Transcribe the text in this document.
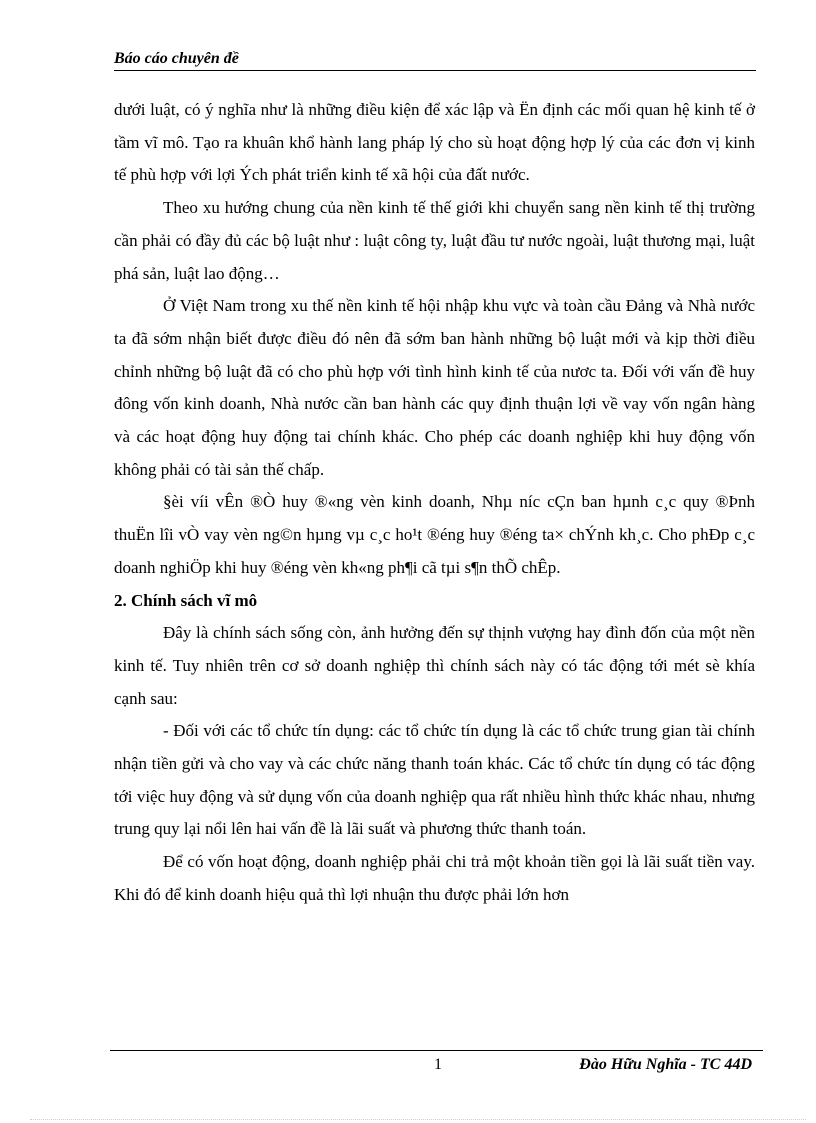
Báo cáo chuyên đề

dưới luật, có ý nghĩa như là những điều kiện để xác lập và Ën định các mối quan hệ kinh tế ở tầm vĩ mô. Tạo ra khuân khổ hành lang pháp lý cho sù hoạt động hợp lý của các đơn vị kinh tế phù hợp với lợi Ých phát triển kinh tế xã hội của đất nước.

Theo xu hướng chung của nền kinh tế thế giới khi chuyển sang nền kinh tế thị trường cần phải có đầy đủ các bộ luật như : luật công ty, luật đầu tư nước ngoài, luật thương mại, luật phá sản, luật lao động…

Ở Việt Nam trong xu thế nền kinh tế hội nhập khu vực và toàn cầu Đảng và Nhà nước ta đã sớm nhận biết được điều đó nên đã sớm ban hành những bộ luật mới và kịp thời điều chỉnh những bộ luật đã có cho phù hợp với tình hình kinh tế của nươc ta. Đối với vấn đề huy đông vốn kinh doanh, Nhà nước cần ban hành các quy định thuận lợi về vay vốn ngân hàng và các hoạt động huy động tai chính khác. Cho phép các doanh nghiệp khi huy động vốn không phải có tài sản thế chấp.

§èi víi vÊn ®Ò huy ®«ng vèn kinh doanh, Nhµ níc cÇn ban hµnh c¸c quy ®Þnh thuËn lîi vÒ vay vèn ng©n hµng vµ c¸c ho¹t ®éng huy ®éng ta× chÝnh kh¸c. Cho phÐp c¸c doanh nghiÖp khi huy ®éng vèn kh«ng ph¶i cã tµi s¶n thÕ chÊp.

2. Chính sách vĩ mô

Đây là chính sách sống còn, ảnh hưởng đến sự thịnh vượng hay đình đốn của một nền kinh tế. Tuy nhiên trên cơ sở doanh nghiệp thì chính sách này có tác động tới mét sè khía cạnh sau:

- Đối với các tổ chức tín dụng: các tổ chức tín dụng là các tổ chức trung gian tài chính nhận tiền gửi và cho vay và các chức năng thanh toán khác. Các tổ chức tín dụng có tác động tới việc huy động và sử dụng vốn của doanh nghiệp qua rất nhiều hình thức khác nhau, nhưng trung quy lại nổi lên hai vấn đề là lãi suất và phương thức thanh toán.

Để có vốn hoạt động, doanh nghiệp phải chi trả một khoản tiền gọi là lãi suất tiền vay. Khi đó để kinh doanh hiệu quả thì lợi nhuận thu được phải lớn hơn

1	Đào Hữu Nghĩa - TC 44D
